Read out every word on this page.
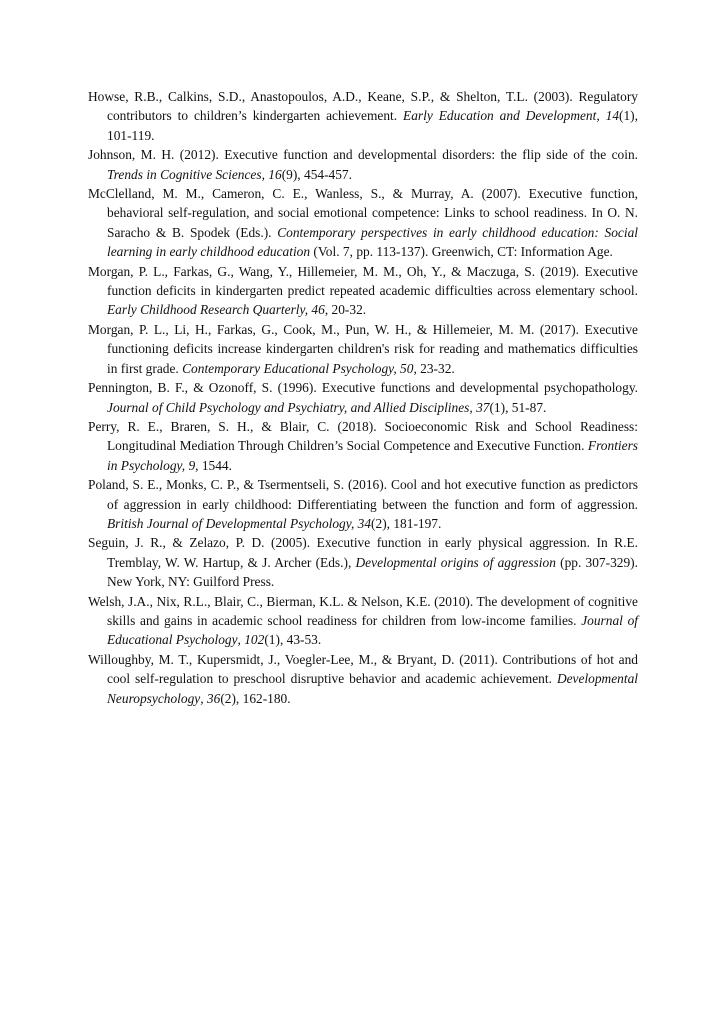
Howse, R.B., Calkins, S.D., Anastopoulos, A.D., Keane, S.P., & Shelton, T.L. (2003). Regulatory contributors to children’s kindergarten achievement. Early Education and Development, 14(1), 101-119.
Johnson, M. H. (2012). Executive function and developmental disorders: the flip side of the coin. Trends in Cognitive Sciences, 16(9), 454-457.
McClelland, M. M., Cameron, C. E., Wanless, S., & Murray, A. (2007). Executive function, behavioral self-regulation, and social emotional competence: Links to school readiness. In O. N. Saracho & B. Spodek (Eds.). Contemporary perspectives in early childhood education: Social learning in early childhood education (Vol. 7, pp. 113-137). Greenwich, CT: Information Age.
Morgan, P. L., Farkas, G., Wang, Y., Hillemeier, M. M., Oh, Y., & Maczuga, S. (2019). Executive function deficits in kindergarten predict repeated academic difficulties across elementary school. Early Childhood Research Quarterly, 46, 20-32.
Morgan, P. L., Li, H., Farkas, G., Cook, M., Pun, W. H., & Hillemeier, M. M. (2017). Executive functioning deficits increase kindergarten children's risk for reading and mathematics difficulties in first grade. Contemporary Educational Psychology, 50, 23-32.
Pennington, B. F., & Ozonoff, S. (1996). Executive functions and developmental psychopathology. Journal of Child Psychology and Psychiatry, and Allied Disciplines, 37(1), 51-87.
Perry, R. E., Braren, S. H., & Blair, C. (2018). Socioeconomic Risk and School Readiness: Longitudinal Mediation Through Children’s Social Competence and Executive Function. Frontiers in Psychology, 9, 1544.
Poland, S. E., Monks, C. P., & Tsermentseli, S. (2016). Cool and hot executive function as predictors of aggression in early childhood: Differentiating between the function and form of aggression. British Journal of Developmental Psychology, 34(2), 181-197.
Seguin, J. R., & Zelazo, P. D. (2005). Executive function in early physical aggression. In R.E. Tremblay, W. W. Hartup, & J. Archer (Eds.), Developmental origins of aggression (pp. 307-329). New York, NY: Guilford Press.
Welsh, J.A., Nix, R.L., Blair, C., Bierman, K.L. & Nelson, K.E. (2010). The development of cognitive skills and gains in academic school readiness for children from low-income families. Journal of Educational Psychology, 102(1), 43-53.
Willoughby, M. T., Kupersmidt, J., Voegler-Lee, M., & Bryant, D. (2011). Contributions of hot and cool self-regulation to preschool disruptive behavior and academic achievement. Developmental Neuropsychology, 36(2), 162-180.
